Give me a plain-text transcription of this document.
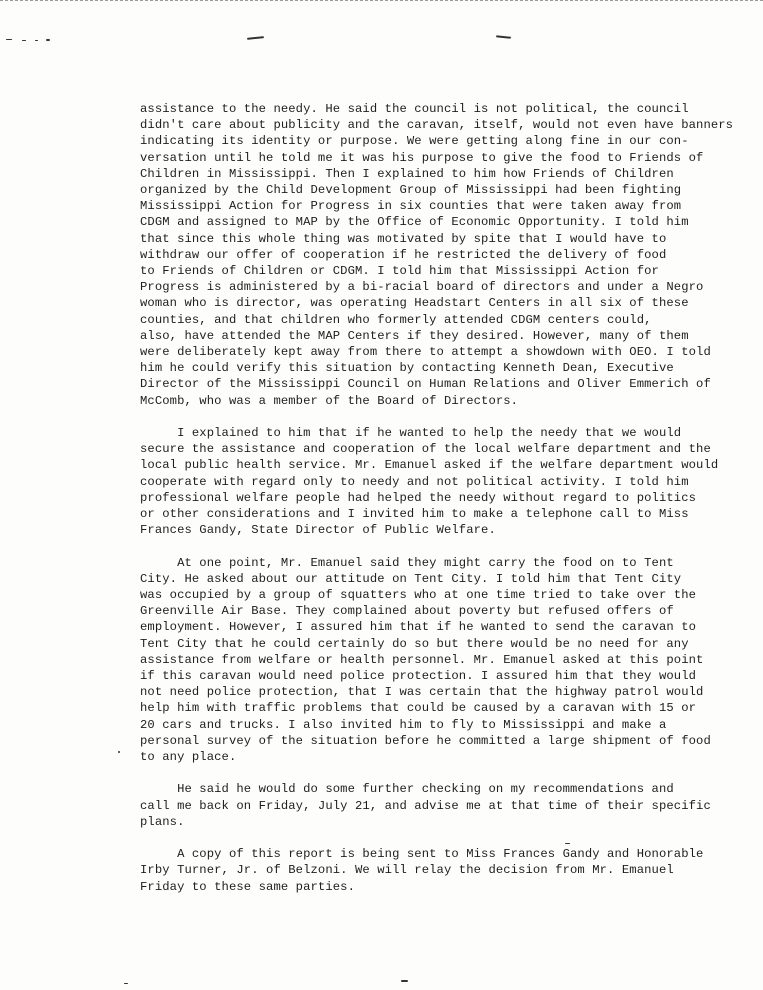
assistance to the needy. He said the council is not political, the council
didn't care about publicity and the caravan, itself, would not even have banners
indicating its identity or purpose. We were getting along fine in our con-
versation until he told me it was his purpose to give the food to Friends of
Children in Mississippi. Then I explained to him how Friends of Children
organized by the Child Development Group of Mississippi had been fighting
Mississippi Action for Progress in six counties that were taken away from
CDGM and assigned to MAP by the Office of Economic Opportunity. I told him
that since this whole thing was motivated by spite that I would have to
withdraw our offer of cooperation if he restricted the delivery of food
to Friends of Children or CDGM. I told him that Mississippi Action for
Progress is administered by a bi-racial board of directors and under a Negro
woman who is director, was operating Headstart Centers in all six of these
counties, and that children who formerly attended CDGM centers could,
also, have attended the MAP Centers if they desired. However, many of them
were deliberately kept away from there to attempt a showdown with OEO. I told
him he could verify this situation by contacting Kenneth Dean, Executive
Director of the Mississippi Council on Human Relations and Oliver Emmerich of
McComb, who was a member of the Board of Directors.

I explained to him that if he wanted to help the needy that we would
secure the assistance and cooperation of the local welfare department and the
local public health service. Mr. Emanuel asked if the welfare department would
cooperate with regard only to needy and not political activity. I told him
professional welfare people had helped the needy without regard to politics
or other considerations and I invited him to make a telephone call to Miss
Frances Gandy, State Director of Public Welfare.

At one point, Mr. Emanuel said they might carry the food on to Tent
City. He asked about our attitude on Tent City. I told him that Tent City
was occupied by a group of squatters who at one time tried to take over the
Greenville Air Base. They complained about poverty but refused offers of
employment. However, I assured him that if he wanted to send the caravan to
Tent City that he could certainly do so but there would be no need for any
assistance from welfare or health personnel. Mr. Emanuel asked at this point
if this caravan would need police protection. I assured him that they would
not need police protection, that I was certain that the highway patrol would
help him with traffic problems that could be caused by a caravan with 15 or
20 cars and trucks. I also invited him to fly to Mississippi and make a
personal survey of the situation before he committed a large shipment of food
to any place.

He said he would do some further checking on my recommendations and
call me back on Friday, July 21, and advise me at that time of their specific
plans.

A copy of this report is being sent to Miss Frances Gandy and Honorable
Irby Turner, Jr. of Belzoni. We will relay the decision from Mr. Emanuel
Friday to these same parties.
